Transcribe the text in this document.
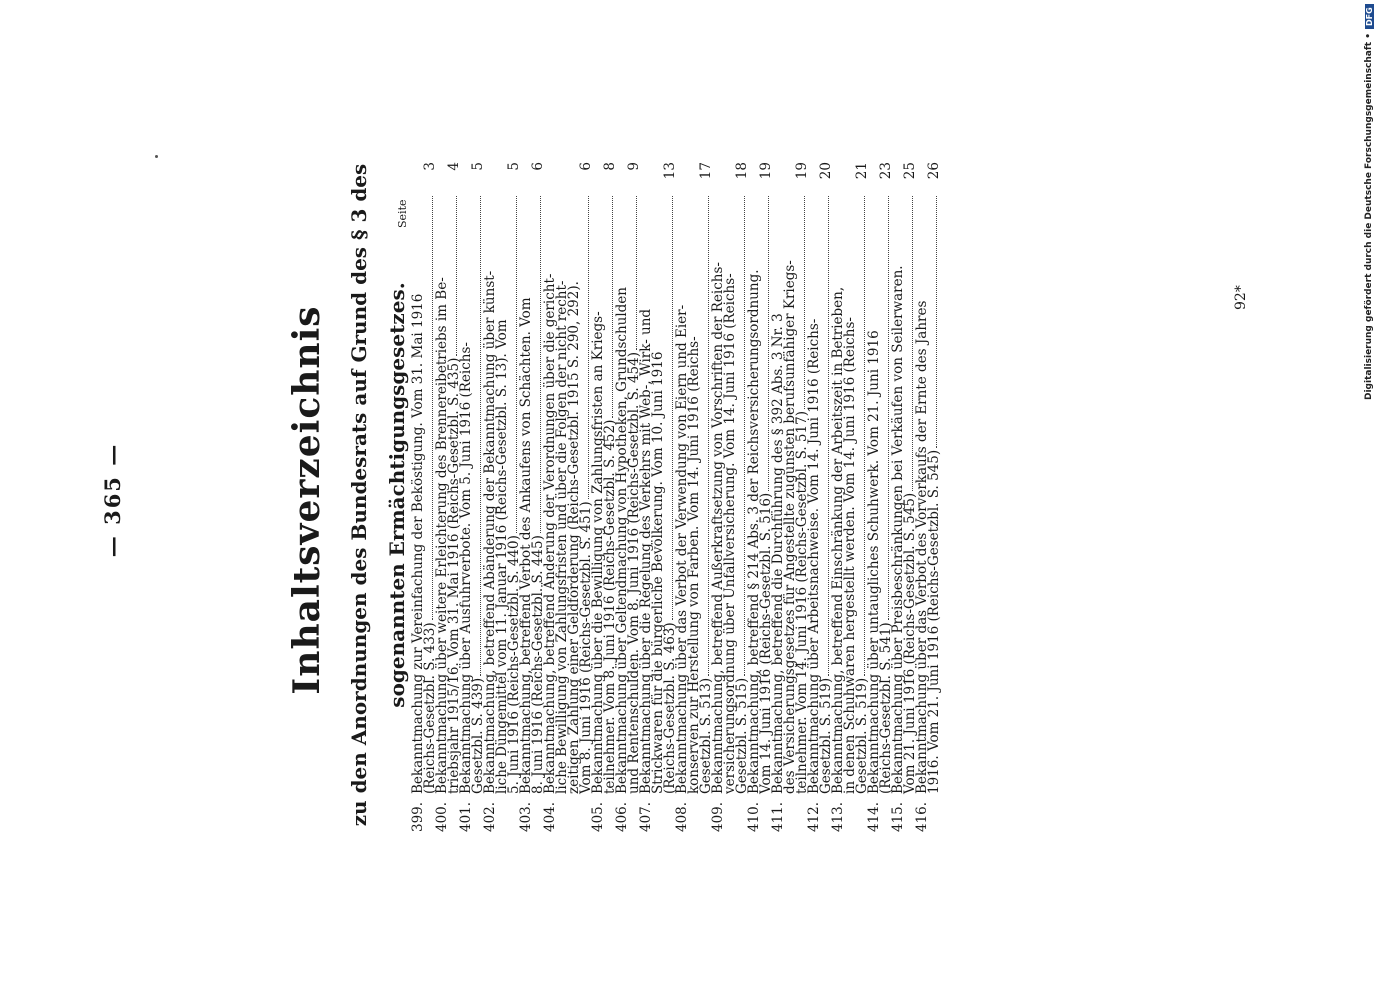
— 365 —	Inhaltsverzeichnis zu den Anordnungen des Bundesrats auf Grund des § 3 des sogenannten Ermächtigungsgesetzes.
Seite
399.
Bekanntmachung zur Vereinfachung der Beköstigung. Vom 31. Mai 1916
(Reichs-Gesetzbl. S. 433)
3
400.
Bekanntmachung über weitere Erleichterung des Brennereibetriebs im Be-
triebsjahr 1915/16. Vom 31. Mai 1916 (Reichs-Gesetzbl. S. 435)
4
401.
Bekanntmachung über Ausfuhrverbote. Vom 5. Juni 1916 (Reichs-
Gesetzbl. S. 439)
5
402.
Bekanntmachung, betreffend Abänderung der Bekanntmachung über künst-
liche Düngemittel vom 11. Januar 1916 (Reichs-Gesetzbl. S. 13). Vom
5. Juni 1916 (Reichs-Gesetzbl. S. 440)
5
403.
Bekanntmachung, betreffend Verbot des Ankaufens von Schächten. Vom
8. Juni 1916 (Reichs-Gesetzbl. S. 445)
6
404.
Bekanntmachung, betreffend Änderung der Verordnungen über die gericht-
liche Bewilligung von Zahlungsfristen und über die Folgen der nicht recht-
zeitigen Zahlung einer Geldforderung (Reichs-Gesetzbl. 1915 S. 290, 292).
Vom 8. Juni 1916 (Reichs-Gesetzbl. S. 451)
6
405.
Bekanntmachung über die Bewilligung von Zahlungsfristen an Kriegs-
teilnehmer. Vom 8. Juni 1916 (Reichs-Gesetzbl. S. 452)
8
406.
Bekanntmachung über Geltendmachung von Hypotheken, Grundschulden
und Rentenschulden. Vom 8. Juni 1916 (Reichs-Gesetzbl. S. 454)
9
407.
Bekanntmachung über die Regelung des Verkehrs mit Web-, Wirk- und
Strickwaren für die bürgerliche Bevölkerung. Vom 10. Juni 1916
(Reichs-Gesetzbl. S. 463)
13
408.
Bekanntmachung über das Verbot der Verwendung von Eiern und Eier-
konserven zur Herstellung von Farben. Vom 14. Juni 1916 (Reichs-
Gesetzbl. S. 513)
17
409.
Bekanntmachung, betreffend Außerkraftsetzung von Vorschriften der Reichs-
versicherungsordnung über Unfallversicherung. Vom 14. Juni 1916 (Reichs-
Gesetzbl. S. 515)
18
410.
Bekanntmachung, betreffend § 214 Abs. 3 der Reichsversicherungsordnung.
Vom 14. Juni 1916 (Reichs-Gesetzbl. S. 516)
19
411.
Bekanntmachung, betreffend die Durchführung des § 392 Abs. 3 Nr. 3
des Versicherungsgesetzes für Angestellte zugunsten berufsunfähiger Kriegs-
teilnehmer. Vom 14. Juni 1916 (Reichs-Gesetzbl. S. 517)
19
412.
Bekanntmachung über Arbeitsnachweise. Vom 14. Juni 1916 (Reichs-
Gesetzbl. S. 519)
20
413.
Bekanntmachung, betreffend Einschränkung der Arbeitszeit in Betrieben,
in denen Schuhwaren hergestellt werden. Vom 14. Juni 1916 (Reichs-
Gesetzbl. S. 519)
21
414.
Bekanntmachung über untaugliches Schuhwerk. Vom 21. Juni 1916
(Reichs-Gesetzbl. S. 541)
23
415.
Bekanntmachung über Preisbeschränkungen bei Verkäufen von Seilerwaren.
Vom 21. Juni 1916 (Reichs-Gesetzbl. S. 545)
25
416.
Bekanntmachung über das Verbot des Vorverkaufs der Ernte des Jahres
1916. Vom 21. Juni 1916 (Reichs-Gesetzbl. S. 545)
26
92*	Digitalisierung gefördert durch die Deutsche Forschungsgemeinschaft •
DFG
